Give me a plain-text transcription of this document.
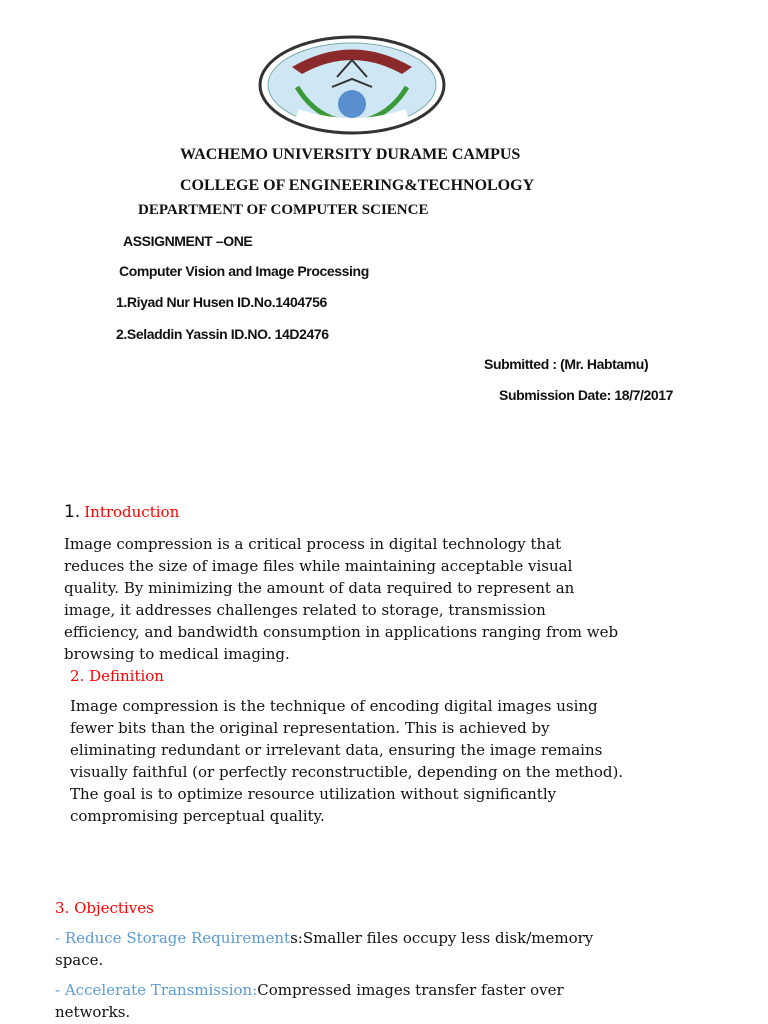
WACHEMO UNIVERSITY DURAME CAMPUS
COLLEGE OF ENGINEERING&TECHNOLOGY
DEPARTMENT OF COMPUTER SCIENCE
ASSIGNMENT –ONE
Computer Vision and Image Processing
1.Riyad Nur Husen ID.No.1404756
2.Seladdin Yassin ID.NO. 14D2476
Submitted : (Mr. Habtamu)
Submission Date: 18/7/2017
1. Introduction
Image compression is a critical process in digital technology that
reduces the size of image files while maintaining acceptable visual
quality. By minimizing the amount of data required to represent an
image, it addresses challenges related to storage, transmission
efficiency, and bandwidth consumption in applications ranging from web
browsing to medical imaging.
2. Definition
Image compression is the technique of encoding digital images using
fewer bits than the original representation. This is achieved by
eliminating redundant or irrelevant data, ensuring the image remains
visually faithful (or perfectly reconstructible, depending on the method).
The goal is to optimize resource utilization without significantly
compromising perceptual quality.
3. Objectives
- Reduce Storage Requirements:Smaller files occupy less disk/memory
space.
- Accelerate Transmission:Compressed images transfer faster over
networks.
